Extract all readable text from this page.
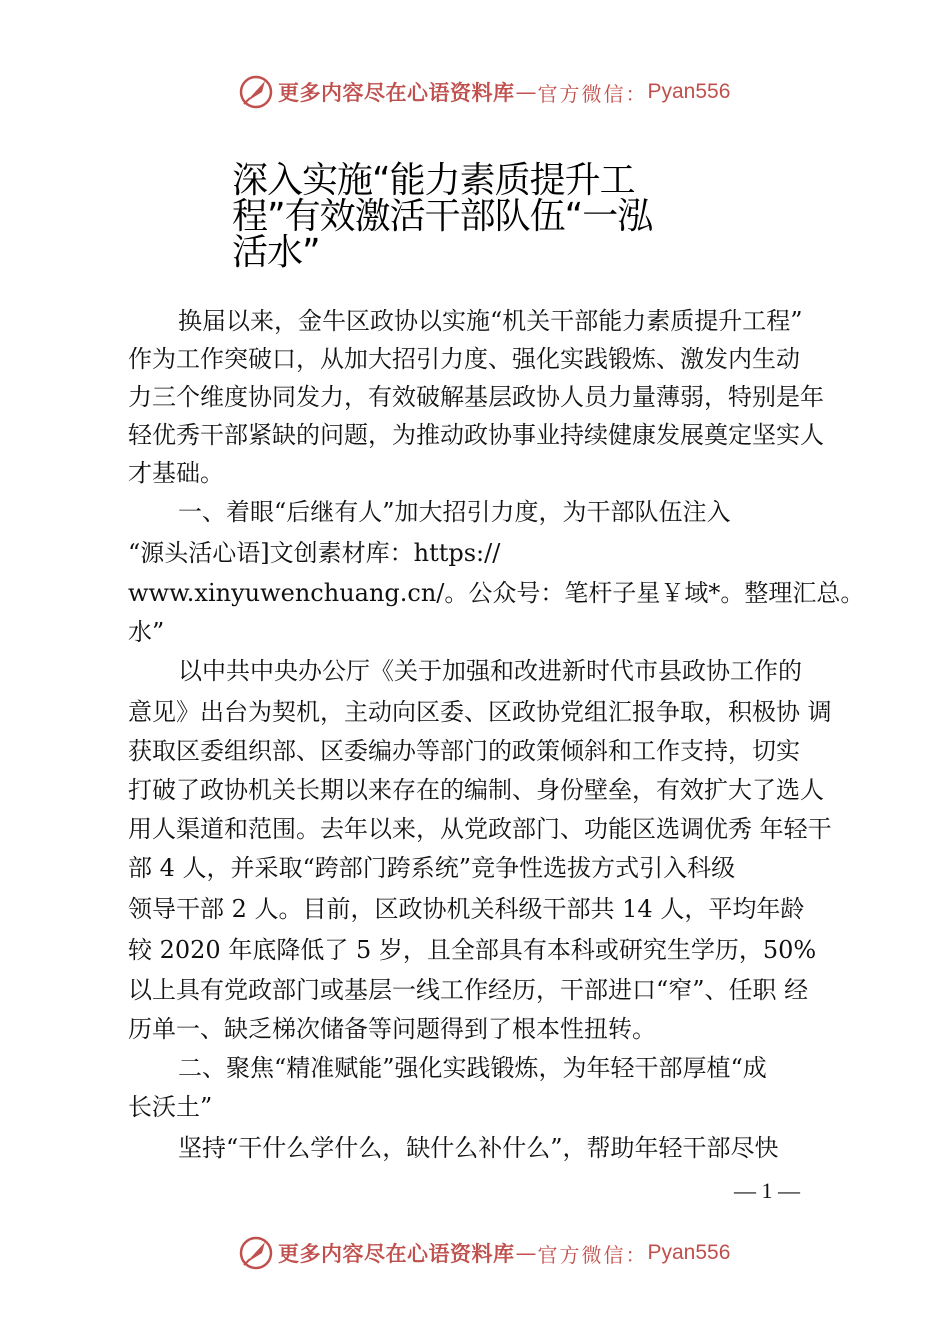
更多内容尽在心语资料库 — 官方微信： Pyan556
深入实施“能力素质提升工
程”有效激活干部队伍“一泓
活水”
换届以来，金牛区政协以实施“机关干部能力素质提升工程”
作为工作突破口，从加大招引力度、强化实践锻炼、激发内生动
力三个维度协同发力，有效破解基层政协人员力量薄弱，特别是年
轻优秀干部紧缺的问题，为推动政协事业持续健康发展奠定坚实人
才基础。
一、着眼“后继有人”加大招引力度，为干部队伍注入
“源头活心语]文创素材库：https://
www.xinyuwenchuang.cn/。公众号：笔杆子星￥域*。整理汇总。
水”
以中共中央办公厅《关于加强和改进新时代市县政协工作的
意见》出台为契机，主动向区委、区政协党组汇报争取，积极协 调
获取区委组织部、区委编办等部门的政策倾斜和工作支持，切实
打破了政协机关长期以来存在的编制、身份壁垒，有效扩大了选人
用人渠道和范围。去年以来，从党政部门、功能区选调优秀 年轻干
部 4 人，并采取“跨部门跨系统”竞争性选拔方式引入科级
领导干部 2 人。目前，区政协机关科级干部共 14 人，平均年龄
较 2020 年底降低了 5 岁，且全部具有本科或研究生学历，50%
以上具有党政部门或基层一线工作经历，干部进口“窄”、任职 经
历单一、缺乏梯次储备等问题得到了根本性扭转。
二、聚焦“精准赋能”强化实践锻炼，为年轻干部厚植“成
长沃土”
坚持“干什么学什么，缺什么补什么”，帮助年轻干部尽快
— 1 —
更多内容尽在心语资料库 — 官方微信： Pyan556
